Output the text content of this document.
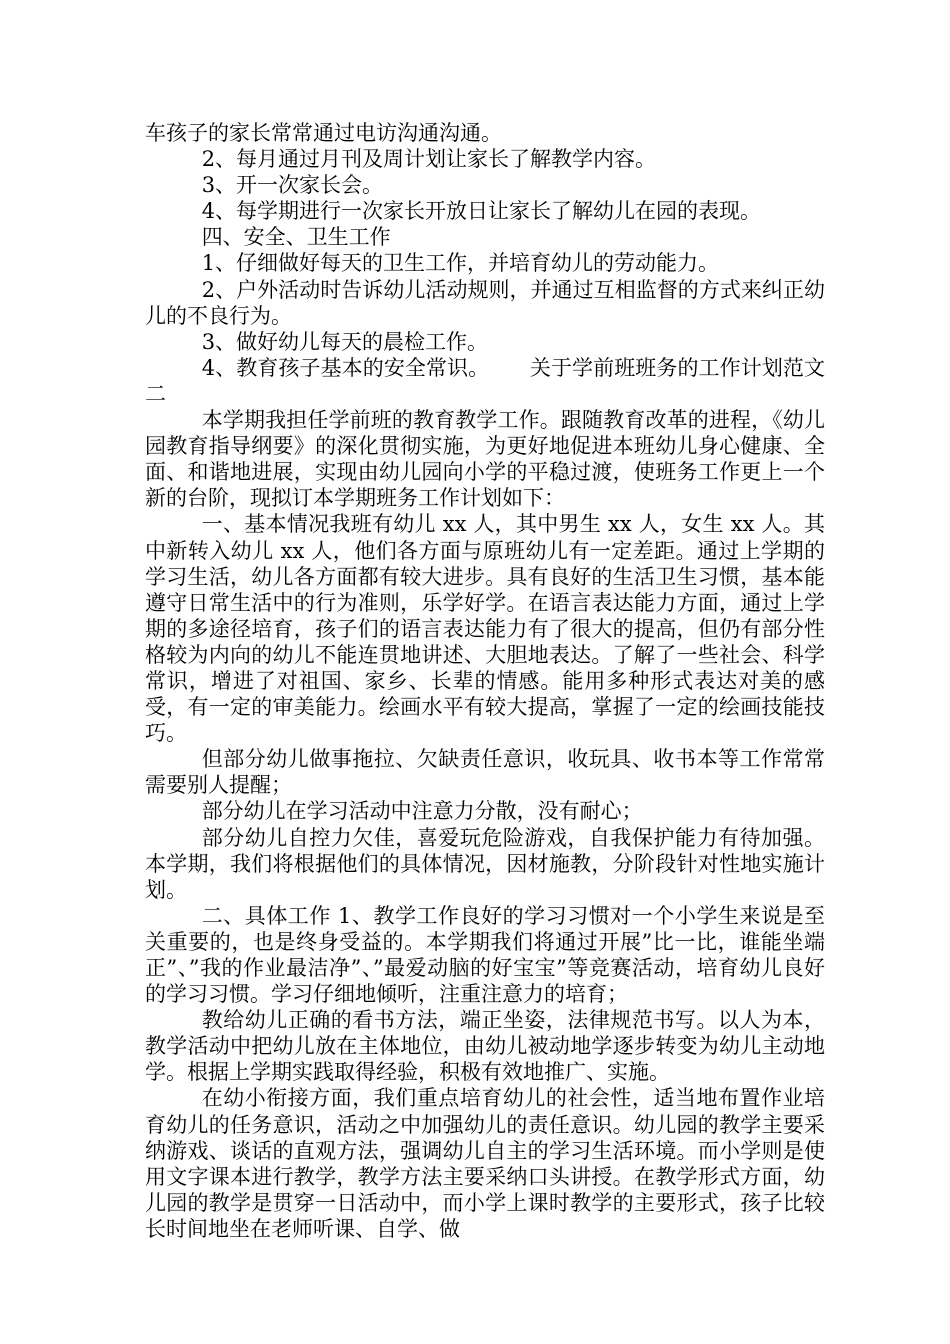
车孩子的家长常常通过电访沟通沟通。

2、每月通过月刊及周计划让家长了解教学内容。

3、开一次家长会。

4、每学期进行一次家长开放日让家长了解幼儿在园的表现。

四、安全、卫生工作

1、仔细做好每天的卫生工作，并培育幼儿的劳动能力。

2、户外活动时告诉幼儿活动规则，并通过互相监督的方式来纠正幼儿的不良行为。

3、做好幼儿每天的晨检工作。

4、教育孩子基本的安全常识。      关于学前班班务的工作计划范文二

本学期我担任学前班的教育教学工作。跟随教育改革的进程，《幼儿园教育指导纲要》的深化贯彻实施，为更好地促进本班幼儿身心健康、全面、和谐地进展，实现由幼儿园向小学的平稳过渡，使班务工作更上一个新的台阶，现拟订本学期班务工作计划如下：

一、基本情况我班有幼儿 xx 人，其中男生 xx 人，女生 xx 人。其中新转入幼儿 xx 人，他们各方面与原班幼儿有一定差距。通过上学期的学习生活，幼儿各方面都有较大进步。具有良好的生活卫生习惯，基本能遵守日常生活中的行为准则，乐学好学。在语言表达能力方面，通过上学期的多途径培育，孩子们的语言表达能力有了很大的提高，但仍有部分性格较为内向的幼儿不能连贯地讲述、大胆地表达。了解了一些社会、科学常识，增进了对祖国、家乡、长辈的情感。能用多种形式表达对美的感受，有一定的审美能力。绘画水平有较大提高，掌握了一定的绘画技能技巧。

但部分幼儿做事拖拉、欠缺责任意识，收玩具、收书本等工作常常需要别人提醒；

部分幼儿在学习活动中注意力分散，没有耐心；

部分幼儿自控力欠佳，喜爱玩危险游戏，自我保护能力有待加强。本学期，我们将根据他们的具体情况，因材施教，分阶段针对性地实施计划。

二、具体工作 1、教学工作良好的学习习惯对一个小学生来说是至关重要的，也是终身受益的。本学期我们将通过开展”比一比，谁能坐端正”、”我的作业最洁净”、”最爱动脑的好宝宝”等竞赛活动，培育幼儿良好的学习习惯。学习仔细地倾听，注重注意力的培育；

教给幼儿正确的看书方法，端正坐姿，法律规范书写。以人为本，教学活动中把幼儿放在主体地位，由幼儿被动地学逐步转变为幼儿主动地学。根据上学期实践取得经验，积极有效地推广、实施。

在幼小衔接方面，我们重点培育幼儿的社会性，适当地布置作业培育幼儿的任务意识，活动之中加强幼儿的责任意识。幼儿园的教学主要采纳游戏、谈话的直观方法，强调幼儿自主的学习生活环境。而小学则是使用文字课本进行教学，教学方法主要采纳口头讲授。在教学形式方面，幼儿园的教学是贯穿一日活动中，而小学上课时教学的主要形式，孩子比较长时间地坐在老师听课、自学、做
